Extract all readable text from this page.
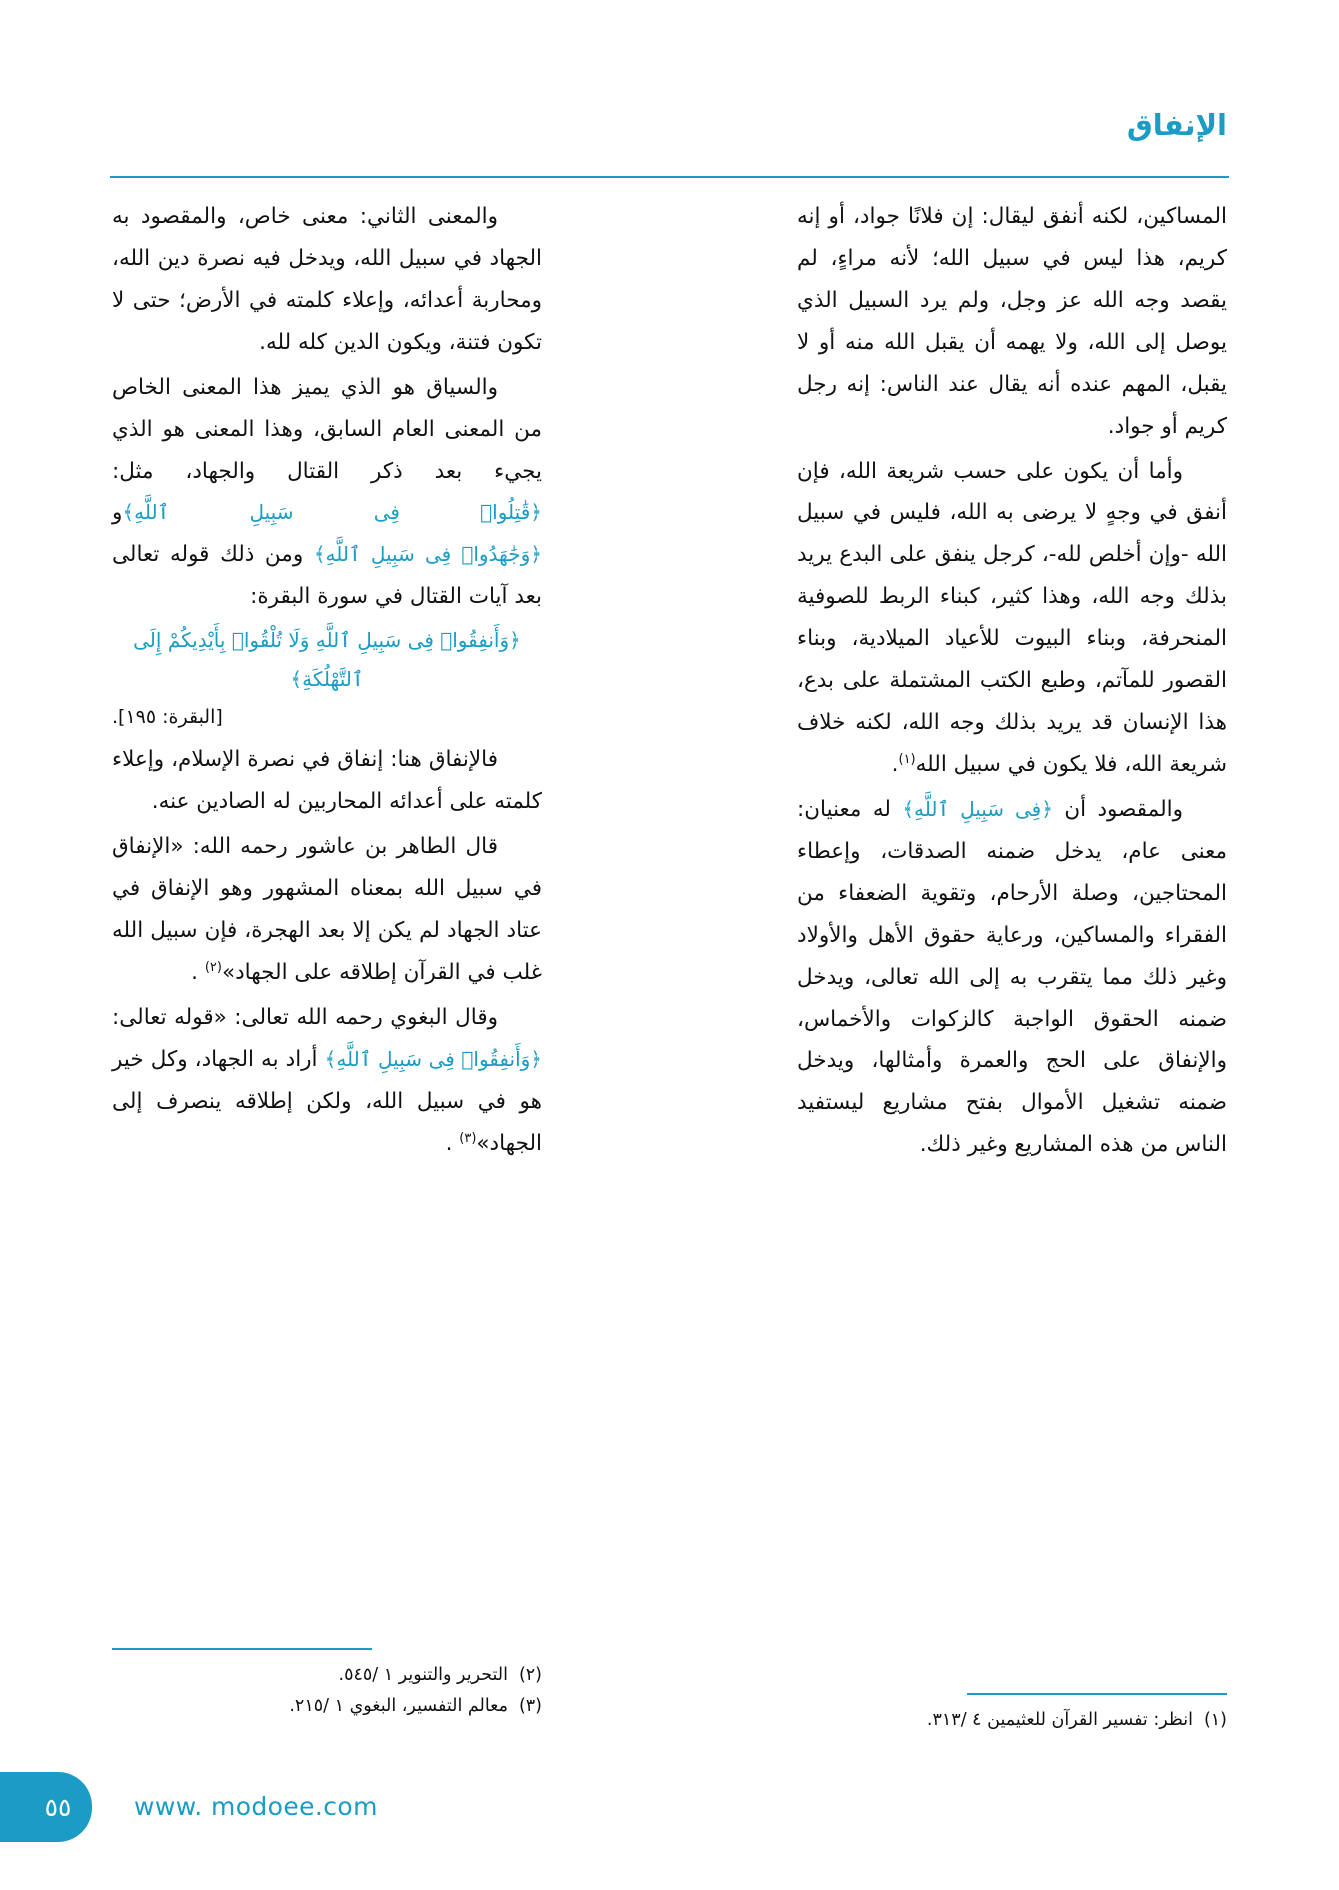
الإنفاق

المساكين، لكنه أنفق ليقال: إن فلانًا جواد، أو إنه كريم، هذا ليس في سبيل الله؛ لأنه مراءٍ، لم يقصد وجه الله عز وجل، ولم يرد السبيل الذي يوصل إلى الله، ولا يهمه أن يقبل الله منه أو لا يقبل، المهم عنده أنه يقال عند الناس: إنه رجل كريم أو جواد.

وأما أن يكون على حسب شريعة الله، فإن أنفق في وجهٍ لا يرضى به الله، فليس في سبيل الله -وإن أخلص لله-، كرجل ينفق على البدع يريد بذلك وجه الله، وهذا كثير، كبناء الربط للصوفية المنحرفة، وبناء البيوت للأعياد الميلادية، وبناء القصور للمآتم، وطبع الكتب المشتملة على بدع، هذا الإنسان قد يريد بذلك وجه الله، لكنه خلاف شريعة الله، فلا يكون في سبيل الله$^{(١)}$.

والمقصود أن ﴿فِى سَبِيلِ ٱللَّهِ﴾ له معنيان: معنى عام، يدخل ضمنه الصدقات، وإعطاء المحتاجين، وصلة الأرحام، وتقوية الضعفاء من الفقراء والمساكين، ورعاية حقوق الأهل والأولاد وغير ذلك مما يتقرب به إلى الله تعالى، ويدخل ضمنه الحقوق الواجبة كالزكوات والأخماس، والإنفاق على الحج والعمرة وأمثالها، ويدخل ضمنه تشغيل الأموال بفتح مشاريع ليستفيد الناس من هذه المشاريع وغير ذلك.

والمعنى الثاني: معنى خاص، والمقصود به الجهاد في سبيل الله، ويدخل فيه نصرة دين الله، ومحاربة أعدائه، وإعلاء كلمته في الأرض؛ حتى لا تكون فتنة، ويكون الدين كله لله.

والسياق هو الذي يميز هذا المعنى الخاص من المعنى العام السابق، وهذا المعنى هو الذي يجيء بعد ذكر القتال والجهاد، مثل: ﴿قَٰتِلُوا۟ فِى سَبِيلِ ٱللَّهِ﴾و ﴿وَجَٰهَدُوا۟ فِى سَبِيلِ ٱللَّهِ﴾ ومن ذلك قوله تعالى بعد آيات القتال في سورة البقرة:

﴿وَأَنفِقُوا۟ فِى سَبِيلِ ٱللَّهِ وَلَا تُلْقُوا۟ بِأَيْدِيكُمْ إِلَى ٱلتَّهْلُكَةِ﴾
[البقرة: ١٩٥].

فالإنفاق هنا: إنفاق في نصرة الإسلام، وإعلاء كلمته على أعدائه المحاربين له الصادين عنه.

قال الطاهر بن عاشور رحمه الله: «الإنفاق في سبيل الله بمعناه المشهور وهو الإنفاق في عتاد الجهاد لم يكن إلا بعد الهجرة، فإن سبيل الله غلب في القرآن إطلاقه على الجهاد»$^{(٢)}$ .

وقال البغوي رحمه الله تعالى: «قوله تعالى: ﴿وَأَنفِقُوا۟ فِى سَبِيلِ ٱللَّهِ﴾ أراد به الجهاد، وكل خير هو في سبيل الله، ولكن إطلاقه ينصرف إلى الجهاد»$^{(٣)}$ .

(١)انظر: تفسير القرآن للعثيمين ٤ /٣١٣.
(٢)التحرير والتنوير ١ /٥٤٥.
(٣)معالم التفسير، البغوي ١ /٢١٥.
٥٥	www. modoee.com
